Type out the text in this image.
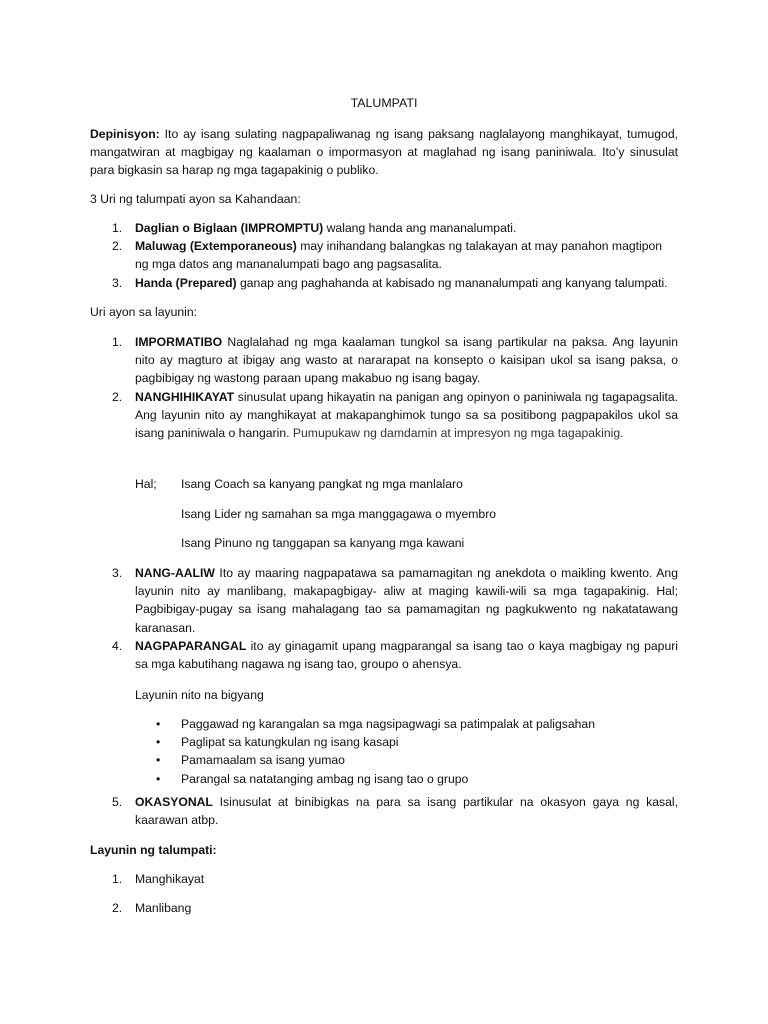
TALUMPATI

Depinisyon: Ito ay isang sulating nagpapaliwanag ng isang paksang naglalayong manghikayat, tumugod, mangatwiran at magbigay ng kaalaman o impormasyon at maglahad ng isang paniniwala. Ito’y sinusulat para bigkasin sa harap ng mga tagapakinig o publiko.

3 Uri ng talumpati ayon sa Kahandaan:
1. Daglian o Biglaan (IMPROMPTU) walang handa ang mananalumpati.
2. Maluwag (Extemporaneous) may inihandang balangkas ng talakayan at may panahon magtipon ng mga datos ang mananalumpati bago ang pagsasalita.
3. Handa (Prepared) ganap ang paghahanda at kabisado ng mananalumpati ang kanyang talumpati.
Uri ayon sa layunin:
1. IMPORMATIBO Naglalahad ng mga kaalaman tungkol sa isang partikular na paksa. Ang layunin nito ay magturo at ibigay ang wasto at nararapat na konsepto o kaisipan ukol sa isang paksa, o pagbibigay ng wastong paraan upang makabuo ng isang bagay.
2. NANGHIHIKAYAT sinusulat upang hikayatin na panigan ang opinyon o paniniwala ng tagapagsalita. Ang layunin nito ay manghikayat at makapanghimok tungo sa sa positibong pagpapakilos ukol sa isang paniniwala o hangarin. Pumupukaw ng damdamin at impresyon ng mga tagapakinig.
Hal; Isang Coach sa kanyang pangkat ng mga manlalaro
Isang Lider ng samahan sa mga manggagawa o myembro
Isang Pinuno ng tanggapan sa kanyang mga kawani
3. NANG-AALIW Ito ay maaring nagpapatawa sa pamamagitan ng anekdota o maikling kwento. Ang layunin nito ay manlibang, makapagbigay- aliw at maging kawili-wili sa mga tagapakinig. Hal; Pagbibigay-pugay sa isang mahalagang tao sa pamamagitan ng pagkukwento ng nakatatawang karanasan.
4. NAGPAPARANGAL ito ay ginagamit upang magparangal sa isang tao o kaya magbigay ng papuri sa mga kabutihang nagawa ng isang tao, groupo o ahensya.
Layunin nito na bigyang
• Paggawad ng karangalan sa mga nagsipagwagi sa patimpalak at paligsahan
• Paglipat sa katungkulan ng isang kasapi
• Pamamaalam sa isang yumao
• Parangal sa natatanging ambag ng isang tao o grupo
5. OKASYONAL Isinusulat at binibigkas na para sa isang partikular na okasyon gaya ng kasal, kaarawan atbp.
Layunin ng talumpati:
1. Manghikayat
2. Manlibang
